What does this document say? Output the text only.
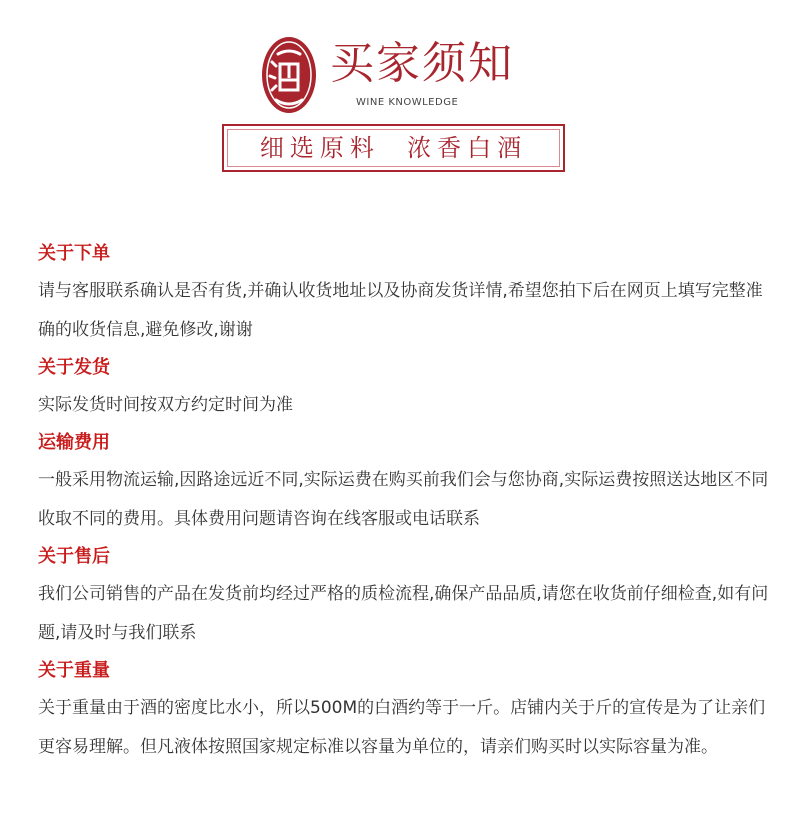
买家须知
WINE KNOWLEDGE
细选原料  浓香白酒

关于下单

请与客服联系确认是否有货,并确认收货地址以及协商发货详情,希望您拍下后在网页上填写完整准确的收货信息,避免修改,谢谢

关于发货

实际发货时间按双方约定时间为准

运输费用

一般采用物流运输,因路途远近不同,实际运费在购买前我们会与您协商,实际运费按照送达地区不同收取不同的费用。具体费用问题请咨询在线客服或电话联系

关于售后

我们公司销售的产品在发货前均经过严格的质检流程,确保产品品质,请您在收货前仔细检查,如有问题,请及时与我们联系

关于重量

关于重量由于酒的密度比水小，所以500M的白酒约等于一斤。店铺内关于斤的宣传是为了让亲们更容易理解。但凡液体按照国家规定标准以容量为单位的，请亲们购买时以实际容量为准。
